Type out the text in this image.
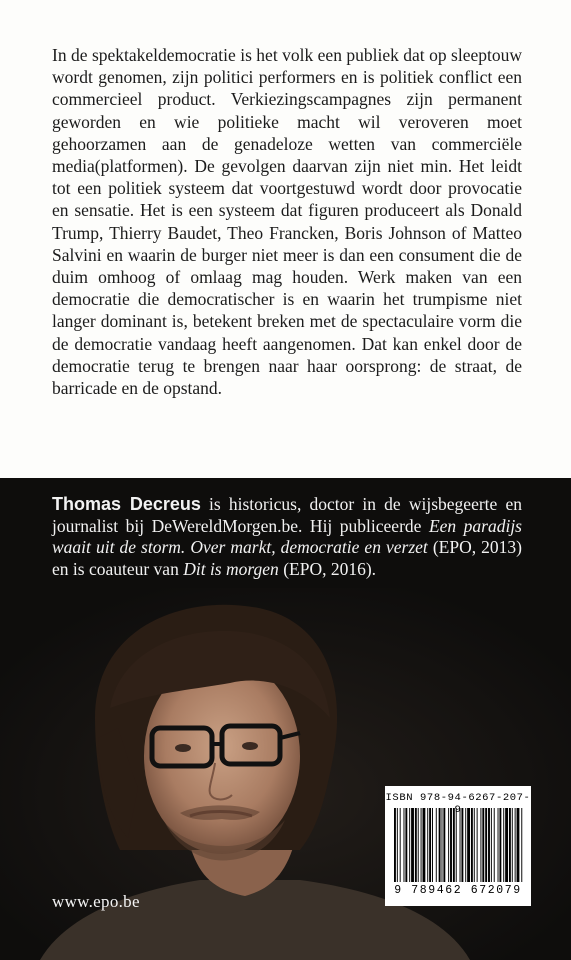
In de spektakeldemocratie is het volk een publiek dat op sleeptouw wordt genomen, zijn politici performers en is politiek conflict een commercieel product. Verkiezingscampagnes zijn permanent geworden en wie politieke macht wil veroveren moet gehoorzamen aan de genadeloze wetten van commerciële media(platformen). De gevolgen daarvan zijn niet min. Het leidt tot een politiek systeem dat voortgestuwd wordt door provocatie en sensatie. Het is een systeem dat figuren produceert als Donald Trump, Thierry Baudet, Theo Francken, Boris Johnson of Matteo Salvini en waarin de burger niet meer is dan een consument die de duim omhoog of omlaag mag houden. Werk maken van een democratie die democratischer is en waarin het trumpisme niet langer dominant is, betekent breken met de spectaculaire vorm die de democratie vandaag heeft aangenomen. Dat kan enkel door de democratie terug te brengen naar haar oorsprong: de straat, de barricade en de opstand.

Thomas Decreus is historicus, doctor in de wijsbegeerte en journalist bij DeWereldMorgen.be. Hij publiceerde Een paradijs waait uit de storm. Over markt, democratie en verzet (EPO, 2013) en is coauteur van Dit is morgen (EPO, 2016).

www.epo.be
ISBN 978-94-6267-207-9
9 789462 672079
